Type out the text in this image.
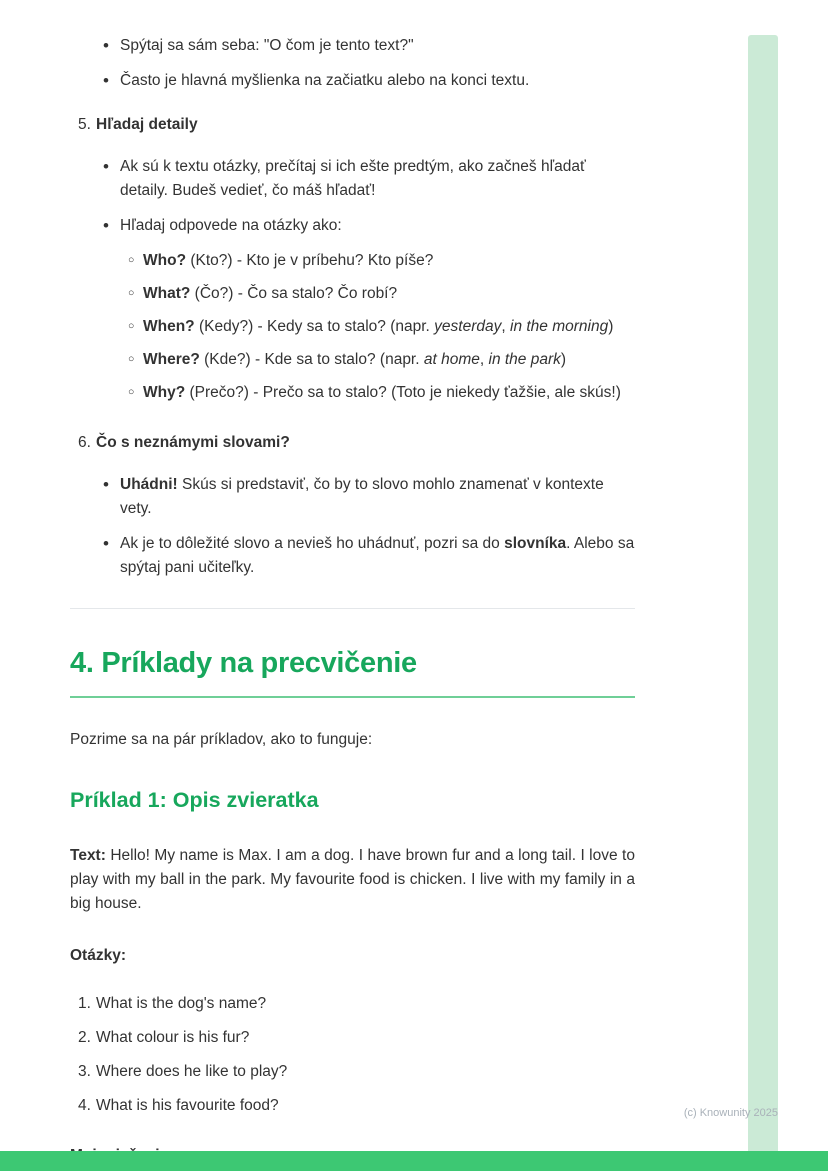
• Spýtaj sa sám seba: "O čom je tento text?"
• Často je hlavná myšlienka na začiatku alebo na konci textu.
5. Hľadaj detaily
• Ak sú k textu otázky, prečítaj si ich ešte predtým, ako začneš hľadať detaily. Budeš vedieť, čo máš hľadať!
• Hľadaj odpovede na otázky ako:
○ Who? (Kto?) - Kto je v príbehu? Kto píše?
○ What? (Čo?) - Čo sa stalo? Čo robí?
○ When? (Kedy?) - Kedy sa to stalo? (napr. yesterday, in the morning)
○ Where? (Kde?) - Kde sa to stalo? (napr. at home, in the park)
○ Why? (Prečo?) - Prečo sa to stalo? (Toto je niekedy ťažšie, ale skús!)
6. Čo s neznámymi slovami?
• Uhádni! Skús si predstaviť, čo by to slovo mohlo znamenať v kontexte vety.
• Ak je to dôležité slovo a nevieš ho uhádnuť, pozri sa do slovníka. Alebo sa spýtaj pani učiteľky.
4. Príklady na precvičenie

Pozrime sa na pár príkladov, ako to funguje:

Príklad 1: Opis zvieratka

Text: Hello! My name is Max. I am a dog. I have brown fur and a long tail. I love to play with my ball in the park. My favourite food is chicken. I live with my family in a big house.

Otázky:

1. What is the dog's name?
2. What colour is his fur?
3. Where does he like to play?
4. What is his favourite food?	(c) Knowunity 2025
